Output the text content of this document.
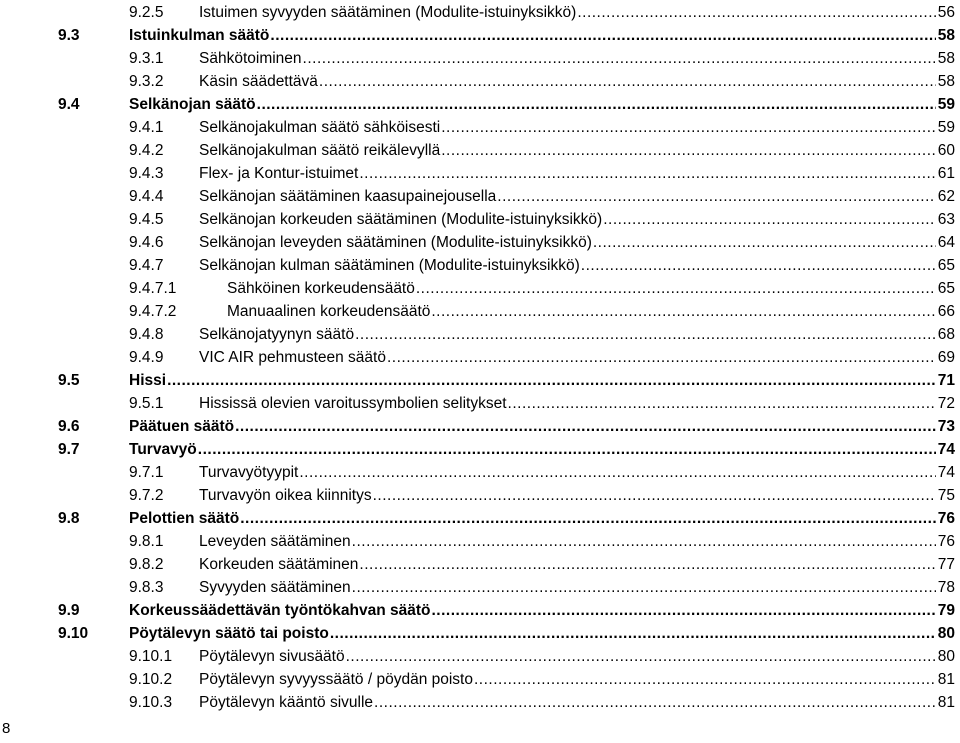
9.2.5 Istuimen syvyyden säätäminen (Modulite-istuinyksikkö) .....	56
9.3	Istuinkulman säätö .....	58
9.3.1 Sähkötoiminen .....	58
9.3.2 Käsin säädettävä .....	58
9.4	Selkänojan säätö .....	59
9.4.1 Selkänojakulman säätö sähköisesti .....	59
9.4.2 Selkänojakulman säätö reikälevyllä .....	60
9.4.3 Flex- ja Kontur-istuimet .....	61
9.4.4 Selkänojan säätäminen kaasupainejousella .....	62
9.4.5 Selkänojan korkeuden säätäminen (Modulite-istuinyksikkö) .....	63
9.4.6 Selkänojan leveyden säätäminen (Modulite-istuinyksikkö) .....	64
9.4.7 Selkänojan kulman säätäminen (Modulite-istuinyksikkö) .....	65
9.4.7.1	Sähköinen korkeudensäätö .....	65
9.4.7.2	Manuaalinen korkeudensäätö .....	66
9.4.8 Selkänojatyynyn säätö .....	68
9.4.9 VIC AIR pehmusteen säätö .....	69
9.5	Hissi .....	71
9.5.1 Hississä olevien varoitussymbolien selitykset .....	72
9.6	Päätuen säätö .....	73
9.7	Turvavyö .....	74
9.7.1 Turvavyötyypit .....	74
9.7.2 Turvavyön oikea kiinnitys .....	75
9.8	Pelottien säätö .....	76
9.8.1 Leveyden säätäminen .....	76
9.8.2 Korkeuden säätäminen .....	77
9.8.3 Syvyyden säätäminen .....	78
9.9	Korkeussäädettävän työntökahvan säätö .....	79
9.10	Pöytälevyn säätö tai poisto .....	80
9.10.1 Pöytälevyn sivusäätö .....	80
9.10.2 Pöytälevyn syvyyssäätö / pöydän poisto .....	81
9.10.3 Pöytälevyn kääntö sivulle .....	81
8
